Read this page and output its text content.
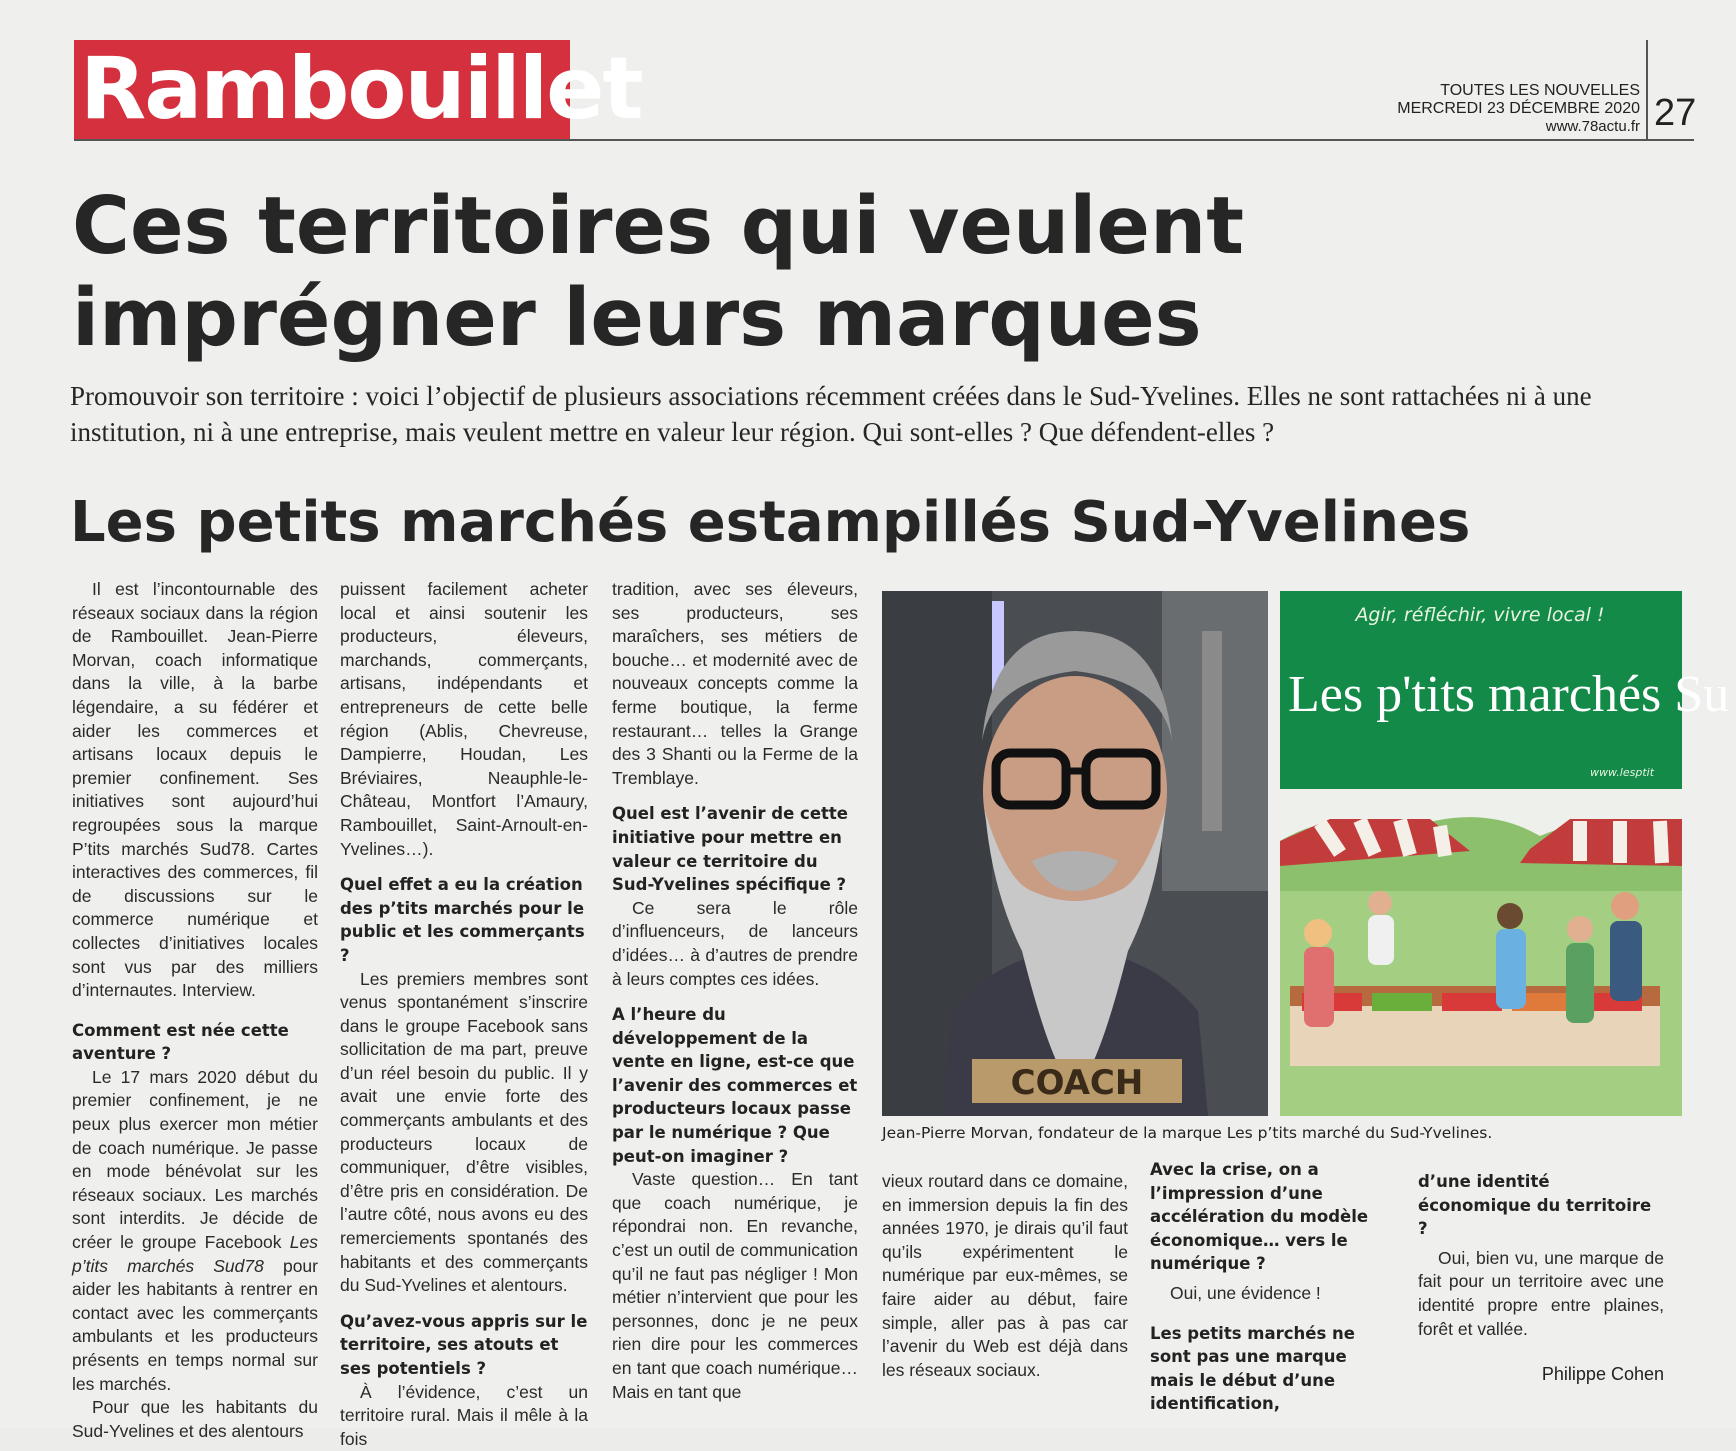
Rambouillet	TOUTES LES NOUVELLES
MERCREDI 23 DÉCEMBRE 2020
www.78actu.fr 27
Ces territoires qui veulent
imprégner leurs marques
Promouvoir son territoire : voici l’objectif de plusieurs associations récemment créées dans le Sud-Yvelines. Elles ne sont rattachées ni à une institution, ni à une entreprise, mais veulent mettre en valeur leur région. Qui sont-elles ? Que défendent-elles ?
Les petits marchés estampillés Sud-Yvelines

Il est l’incontournable des réseaux sociaux dans la région de Rambouillet. Jean-Pierre Morvan, coach informatique dans la ville, à la barbe légendaire, a su fédérer et aider les commerces et artisans locaux depuis le premier confinement. Ses initiatives sont aujourd’hui regroupées sous la marque P’tits marchés Sud78. Cartes interactives des commerces, fil de discussions sur le commerce numérique et collectes d’initiatives locales sont vus par des milliers d’internautes. Interview.

Comment est née cette aventure ?

Le 17 mars 2020 début du premier confinement, je ne peux plus exercer mon métier de coach numérique. Je passe en mode bénévolat sur les réseaux sociaux. Les marchés sont interdits. Je décide de créer le groupe Facebook Les p’tits marchés Sud78 pour aider les habitants à rentrer en contact avec les commerçants ambulants et les producteurs présents en temps normal sur les marchés.

Pour que les habitants du Sud-Yvelines et des alentours

puissent facilement acheter local et ainsi soutenir les producteurs, éleveurs, marchands, commerçants, artisans, indépendants et entrepreneurs de cette belle région (Ablis, Chevreuse, Dampierre, Houdan, Les Bréviaires, Neauphle-le- Château, Montfort l’Amaury, Rambouillet, Saint-Arnoult-en-Yvelines…).

Quel effet a eu la création des p’tits marchés pour le public et les commerçants ?

Les premiers membres sont venus spontanément s’inscrire dans le groupe Facebook sans sollicitation de ma part, preuve d’un réel besoin du public. Il y avait une envie forte des commerçants ambulants et des producteurs locaux de communiquer, d’être visibles, d’être pris en considération. De l’autre côté, nous avons eu des remerciements spontanés des habitants et des commerçants du Sud-Yvelines et alentours.

Qu’avez-vous appris sur le territoire, ses atouts et ses potentiels ?

À l’évidence, c’est un territoire rural. Mais il mêle à la fois

tradition, avec ses éleveurs, ses producteurs, ses maraîchers, ses métiers de bouche… et modernité avec de nouveaux concepts comme la ferme boutique, la ferme restaurant… telles la Grange des 3 Shanti ou la Ferme de la Tremblaye.

Quel est l’avenir de cette initiative pour mettre en valeur ce territoire du Sud-Yvelines spécifique ?

Ce sera le rôle d’influenceurs, de lanceurs d’idées… à d’autres de prendre à leurs comptes ces idées.

A l’heure du développement de la vente en ligne, est-ce que l’avenir des commerces et producteurs locaux passe par le numérique ? Que peut-on imaginer ?

Vaste question… En tant que coach numérique, je répondrai non. En revanche, c’est un outil de communication qu’il ne faut pas négliger ! Mon métier n’intervient que pour les personnes, donc je ne peux rien dire pour les commerces en tant que coach numérique… Mais en tant que

COACH
Agir, réfléchir, vivre local !
Les p'tits marchés Su
www.lesptit
Jean-Pierre Morvan, fondateur de la marque Les p’tits marché du Sud-Yvelines.

vieux routard dans ce domaine, en immersion depuis la fin des années 1970, je dirais qu’il faut qu’ils expérimentent le numérique par eux-mêmes, se faire aider au début, faire simple, aller pas à pas car l’avenir du Web est déjà dans les réseaux sociaux.

Avec la crise, on a l’impression d’une accélération du modèle économique… vers le numérique ?

Oui, une évidence !

Les petits marchés ne sont pas une marque mais le début d’une identification,

d’une identité économique du territoire ?

Oui, bien vu, une marque de fait pour un territoire avec une identité propre entre plaines, forêt et vallée.

Philippe Cohen
